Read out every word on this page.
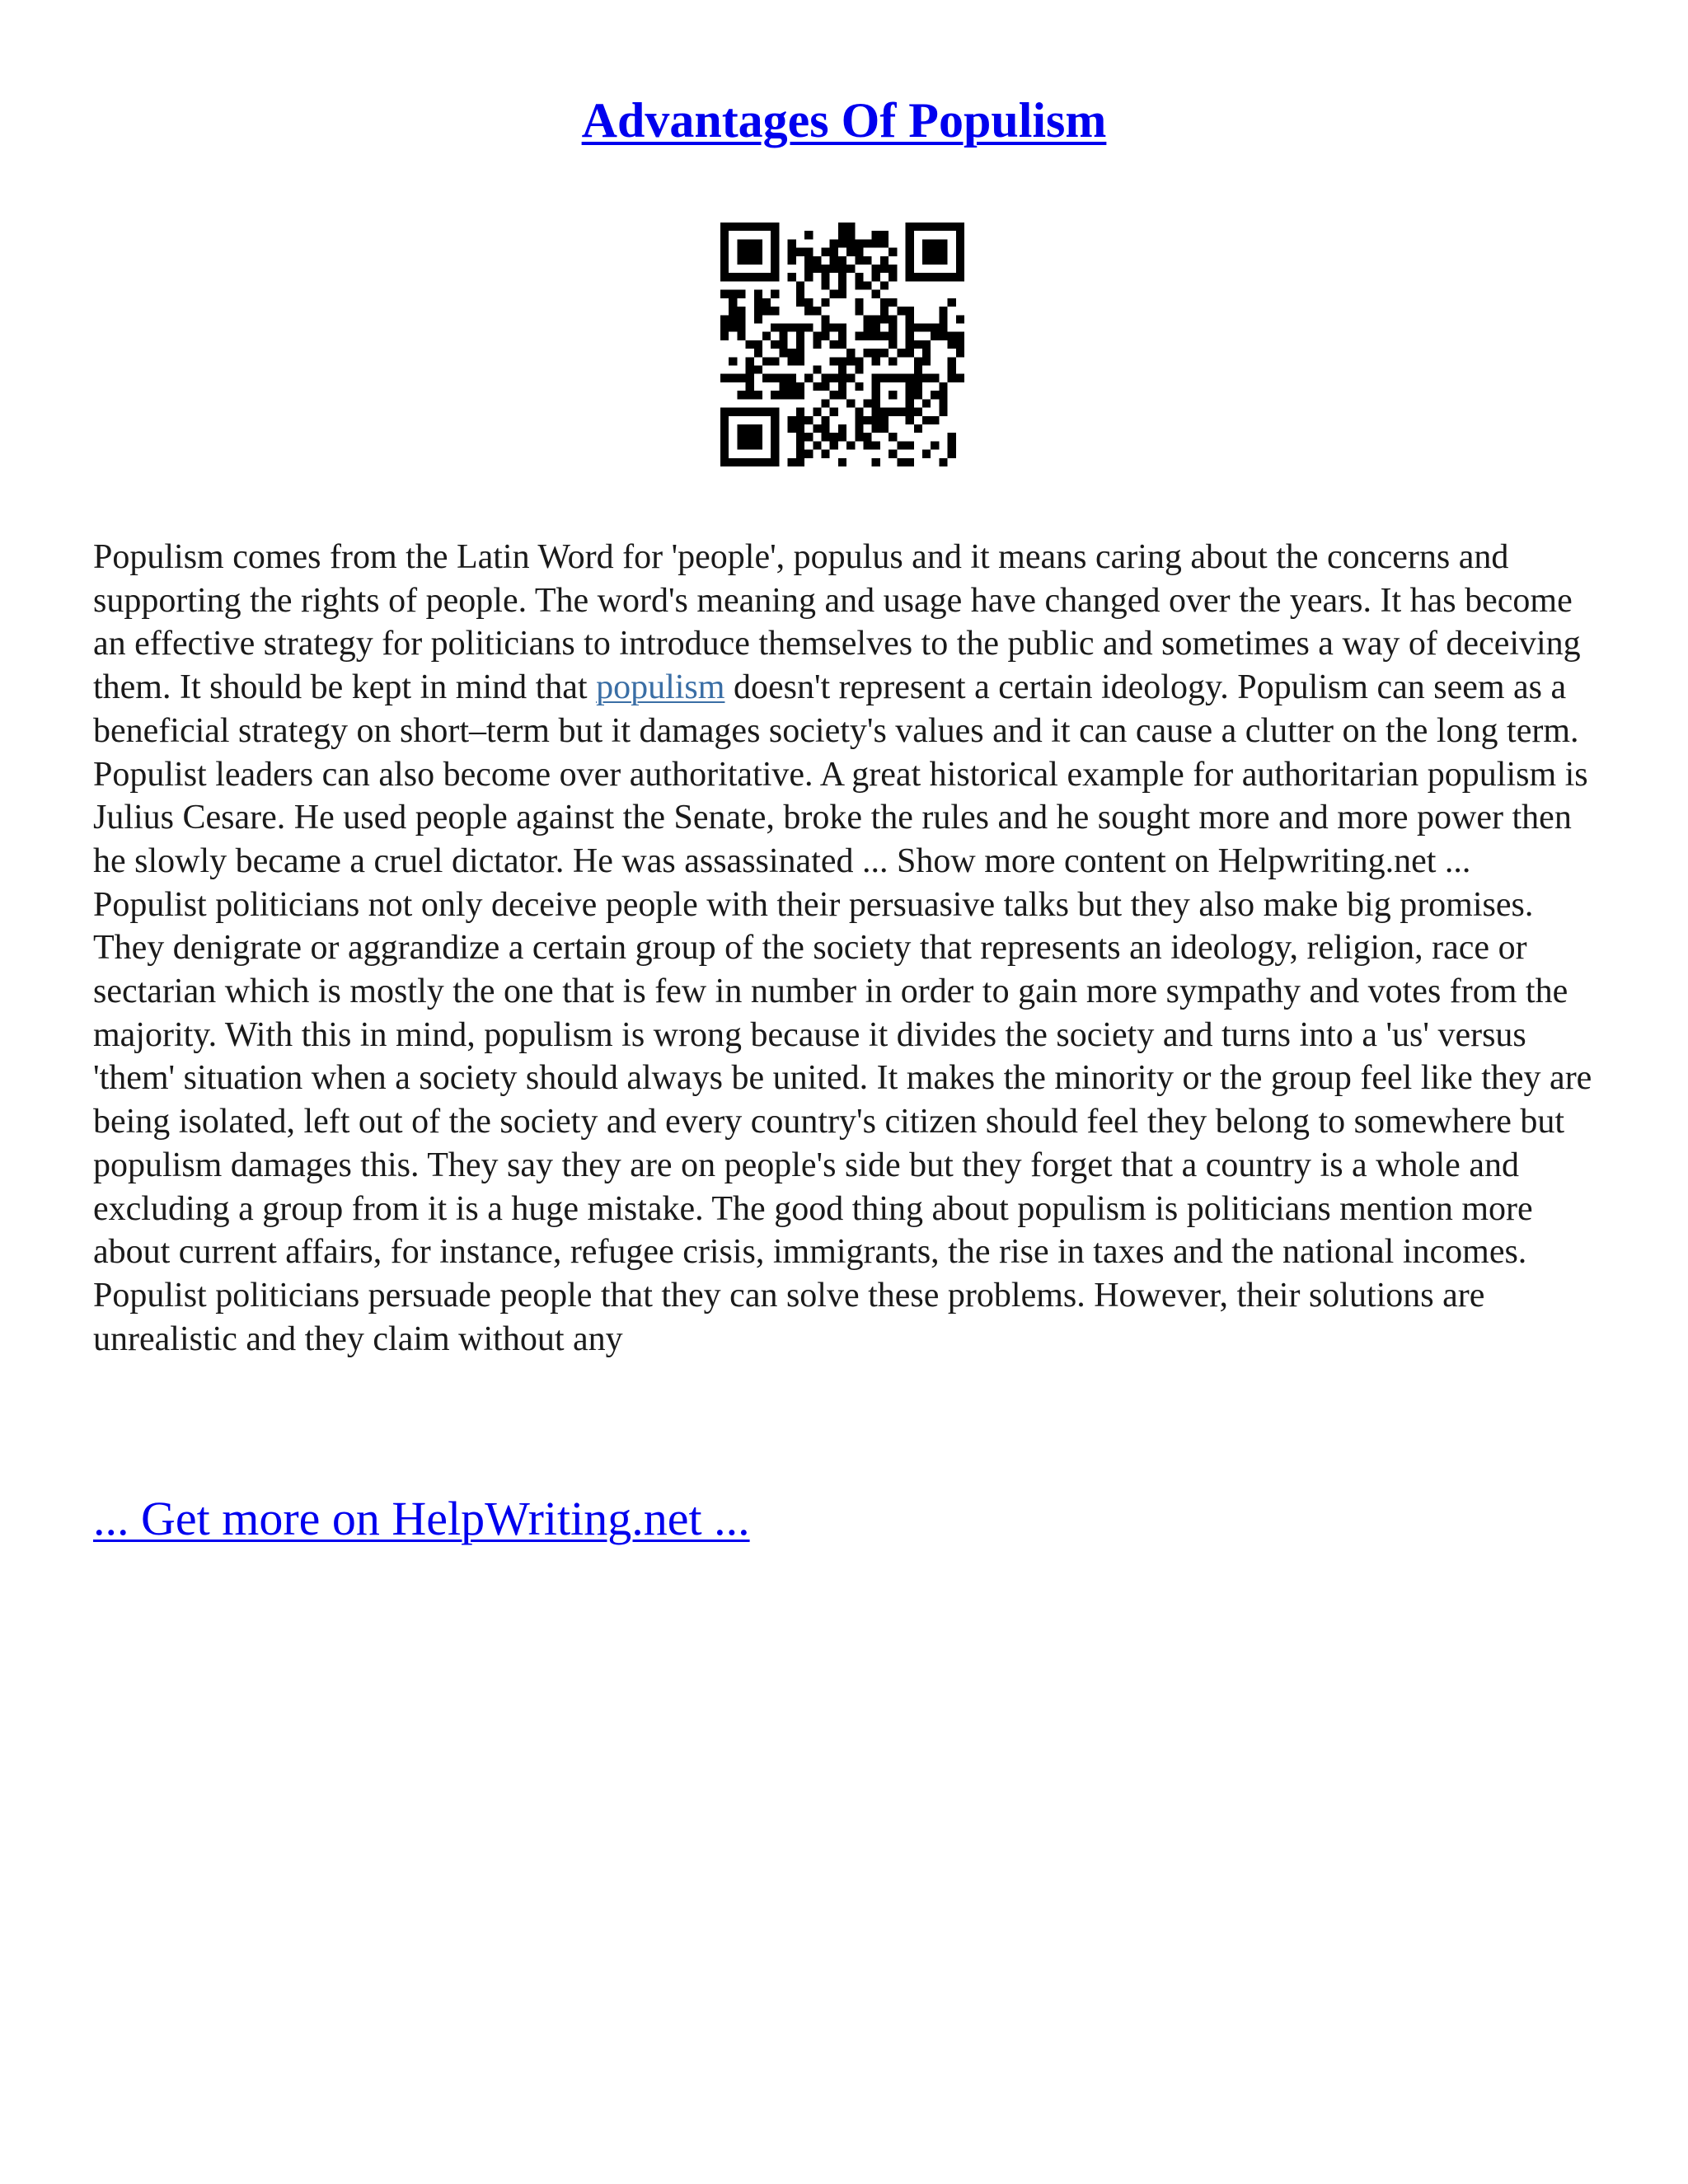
Advantages Of Populism

Populism comes from the Latin Word for 'people', populus and it means caring about the concerns and supporting the rights of people. The word's meaning and usage have changed over the years. It has become an effective strategy for politicians to introduce themselves to the public and sometimes a way of deceiving them. It should be kept in mind that populism doesn't represent a certain ideology. Populism can seem as a beneficial strategy on short–term but it damages society's values and it can cause a clutter on the long term. Populist leaders can also become over authoritative. A great historical example for authoritarian populism is Julius Cesare. He used people against the Senate, broke the rules and he sought more and more power then he slowly became a cruel dictator. He was assassinated ... Show more content on Helpwriting.net ...

Populist politicians not only deceive people with their persuasive talks but they also make big promises. They denigrate or aggrandize a certain group of the society that represents an ideology, religion, race or sectarian which is mostly the one that is few in number in order to gain more sympathy and votes from the majority. With this in mind, populism is wrong because it divides the society and turns into a 'us' versus 'them' situation when a society should always be united. It makes the minority or the group feel like they are being isolated, left out of the society and every country's citizen should feel they belong to somewhere but populism damages this. They say they are on people's side but they forget that a country is a whole and excluding a group from it is a huge mistake. The good thing about populism is politicians mention more about current affairs, for instance, refugee crisis, immigrants, the rise in taxes and the national incomes. Populist politicians persuade people that they can solve these problems. However, their solutions are unrealistic and they claim without any

... Get more on HelpWriting.net ...
